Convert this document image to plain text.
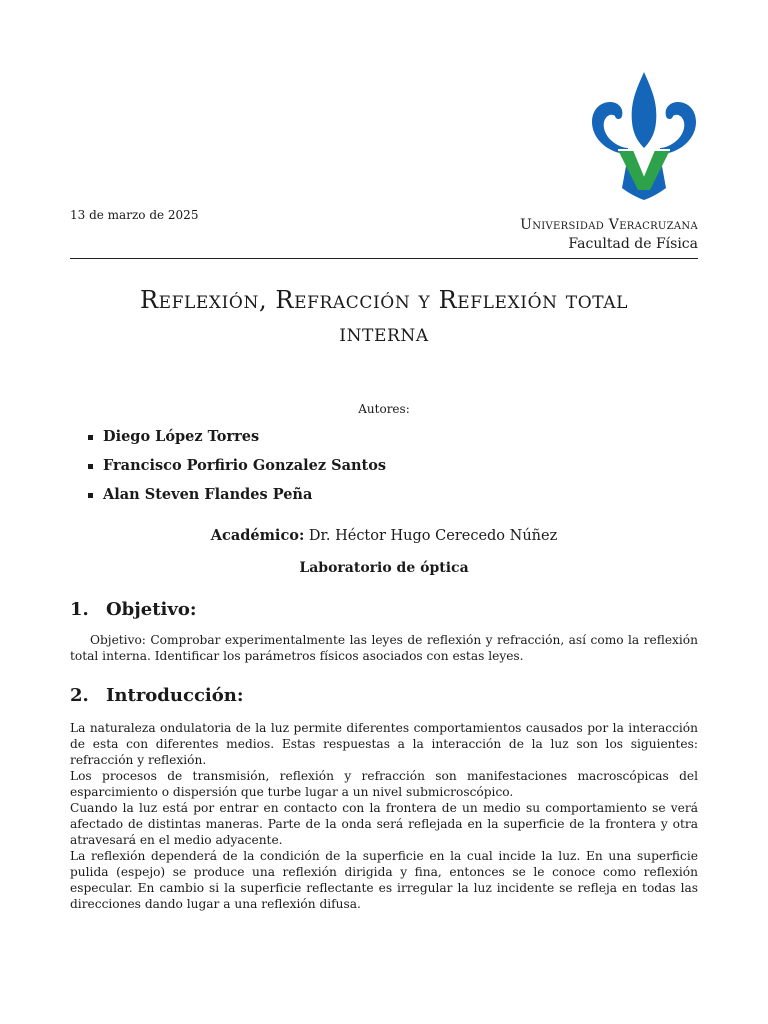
13 de marzo de 2025
Universidad Veracruzana
Facultad de Física
Reflexión, Refracción y Reflexión total
interna
Autores:
Diego López Torres
Francisco Porfirio Gonzalez Santos
Alan Steven Flandes Peña
Académico: Dr. Héctor Hugo Cerecedo Núñez
Laboratorio de óptica
1. Objetivo:

Objetivo: Comprobar experimentalmente las leyes de reflexión y refracción, así como la reflexión total interna. Identificar los parámetros físicos asociados con estas leyes.

2. Introducción:

La naturaleza ondulatoria de la luz permite diferentes comportamientos causados por la interacción de esta con diferentes medios. Estas respuestas a la interacción de la luz son los siguientes: refracción y reflexión.

Los procesos de transmisión, reflexión y refracción son manifestaciones macroscópicas del esparcimiento o dispersión que turbe lugar a un nivel submicroscópico.

Cuando la luz está por entrar en contacto con la frontera de un medio su comportamiento se verá afectado de distintas maneras. Parte de la onda será reflejada en la superficie de la frontera y otra atravesará en el medio adyacente.

La reflexión dependerá de la condición de la superficie en la cual incide la luz. En una superficie pulida (espejo) se produce una reflexión dirigida y fina, entonces se le conoce como reflexión especular. En cambio si la superficie reflectante es irregular la luz incidente se refleja en todas las direcciones dando lugar a una reflexión difusa.
